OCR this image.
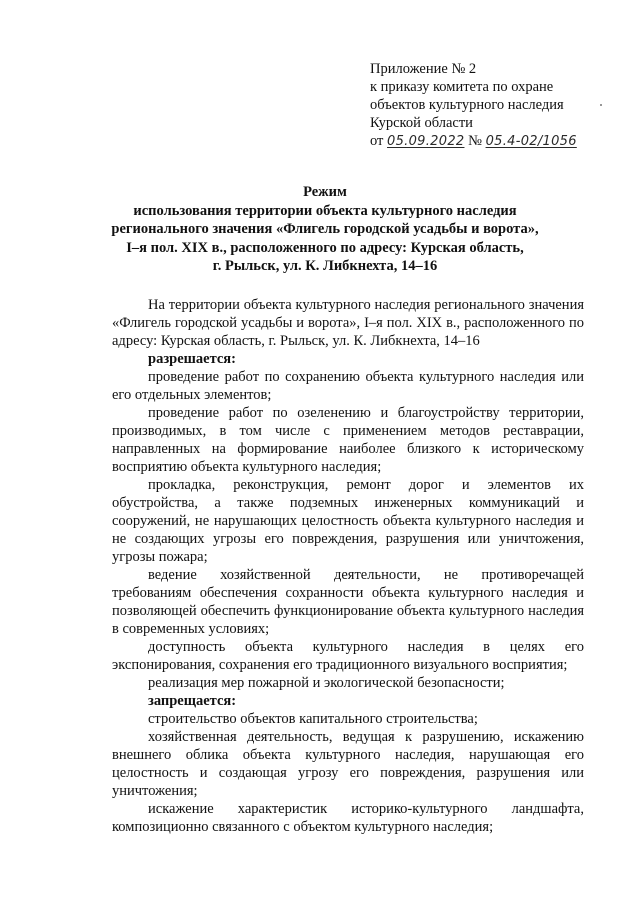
Приложение № 2
к приказу комитета по охране
объектов культурного наследия
Курской области
от 05.09.2022 № 05.4-02/1056
Режим
использования территории объекта культурного наследия
регионального значения «Флигель городской усадьбы и ворота»,
I–я пол. XIX в., расположенного по адресу: Курская область,
г. Рыльск, ул. К. Либкнехта, 14–16

На территории объекта культурного наследия регионального значения «Флигель городской усадьбы и ворота», I–я пол. XIX в., расположенного по адресу: Курская область, г. Рыльск, ул. К. Либкнехта, 14–16

разрешается:

проведение работ по сохранению объекта культурного наследия или его отдельных элементов;

проведение работ по озеленению и благоустройству территории, производимых, в том числе с применением методов реставрации, направленных на формирование наиболее близкого к историческому восприятию объекта культурного наследия;

прокладка, реконструкция, ремонт дорог и элементов их обустройства, а также подземных инженерных коммуникаций и сооружений, не нарушающих целостность объекта культурного наследия и не создающих угрозы его повреждения, разрушения или уничтожения, угрозы пожара;

ведение хозяйственной деятельности, не противоречащей требованиям обеспечения сохранности объекта культурного наследия и позволяющей обеспечить функционирование объекта культурного наследия в современных условиях;

доступность объекта культурного наследия в целях его экспонирования, сохранения его традиционного визуального восприятия;

реализация мер пожарной и экологической безопасности;

запрещается:

строительство объектов капитального строительства;

хозяйственная деятельность, ведущая к разрушению, искажению внешнего облика объекта культурного наследия, нарушающая его целостность и создающая угрозу его повреждения, разрушения или уничтожения;

искажение характеристик историко-культурного ландшафта, композиционно связанного с объектом культурного наследия;
